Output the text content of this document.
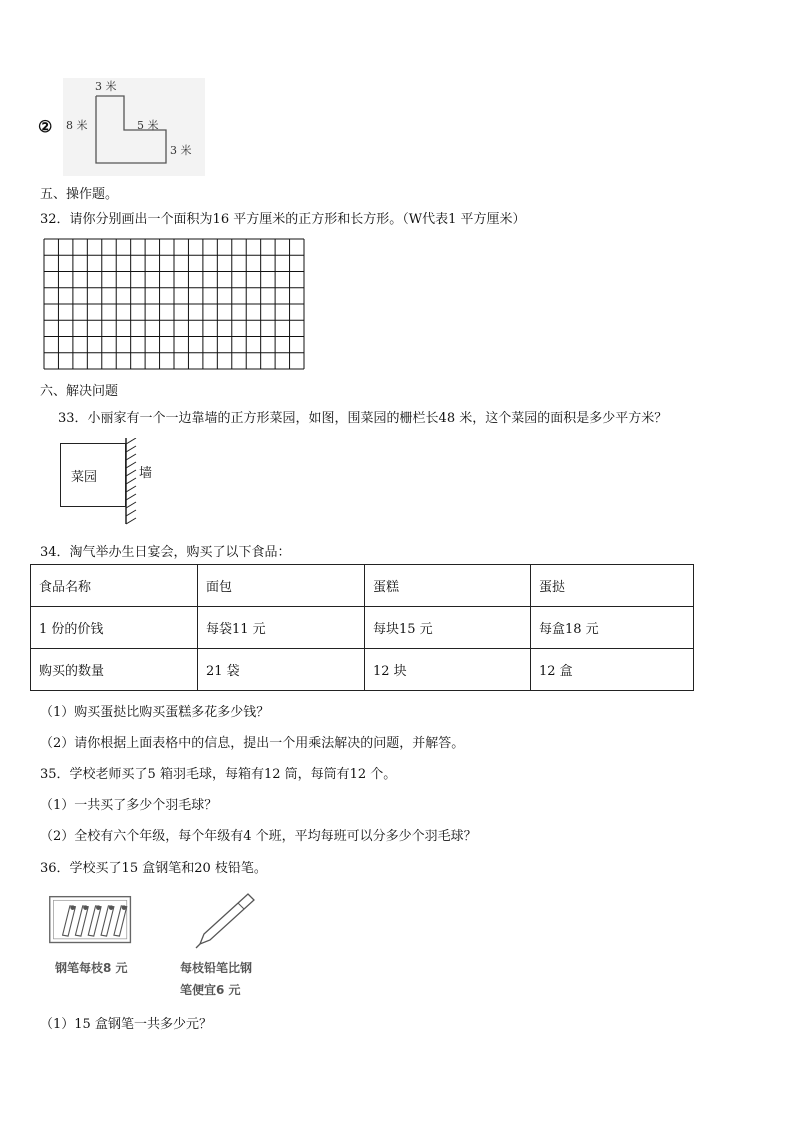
②
3 米
8 米	5 米
3 米
五、操作题。
32．请你分别画出一个面积为16 平方厘米的正方形和长方形。（W代表1 平方厘米）
六、解决问题
33．小丽家有一个一边靠墙的正方形菜园，如图，围菜园的栅栏长48 米，这个菜园的面积是多少平方米？
菜园	墙
34．淘气举办生日宴会，购买了以下食品：
食品名称	面包	蛋糕	蛋挞
1 份的价钱	每袋11 元	每块15 元	每盒18 元
购买的数量	21 袋	12 块	12 盒
（1）购买蛋挞比购买蛋糕多花多少钱？
（2）请你根据上面表格中的信息，提出一个用乘法解决的问题，并解答。
35．学校老师买了5 箱羽毛球，每箱有12 筒，每筒有12 个。
（1）一共买了多少个羽毛球？
（2）全校有六个年级，每个年级有4 个班，平均每班可以分多少个羽毛球？
36．学校买了15 盒钢笔和20 枝铅笔。
钢笔每枝8 元	每枝铅笔比钢
笔便宜6 元
（1）15 盒钢笔一共多少元？
